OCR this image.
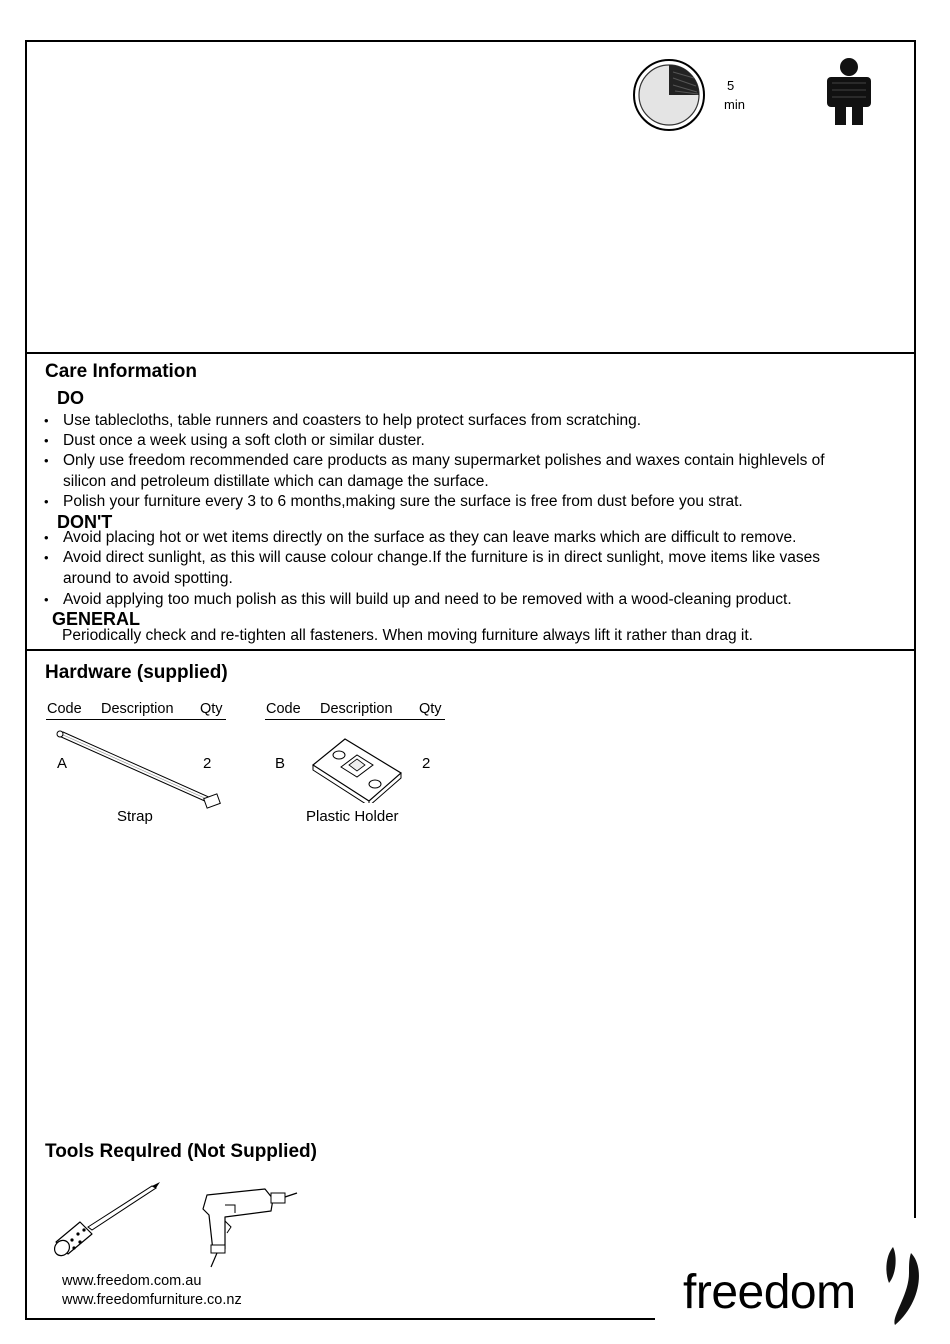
5
min
Care Information
DO
• Use tablecloths, table runners and coasters to help protect surfaces from scratching.
• Dust once a week using a soft cloth or similar duster.
• Only use freedom recommended care products as many supermarket polishes and waxes contain highlevels of
silicon and petroleum distillate which can damage the surface.
• Polish your furniture every 3 to 6 months,making sure the surface is free from dust before you strat.
DON'T
• Avoid placing hot or wet items directly on the surface as they can leave marks which are difficult to remove.
• Avoid direct sunlight, as this will cause colour change.If the furniture is in direct sunlight, move items like vases
around to avoid spotting.
• Avoid applying too much polish as this will build up and need to be removed with a wood-cleaning product.
GENERAL
Periodically check and re-tighten all fasteners. When moving furniture always lift it rather than drag it.
Hardware (supplied)
Code Description Qty	Code Description Qty
A	2
Strap
B	2
Plastic Holder
Tools Requlred (Not Supplied)
www.freedom.com.au
www.freedomfurniture.co.nz	freedom
